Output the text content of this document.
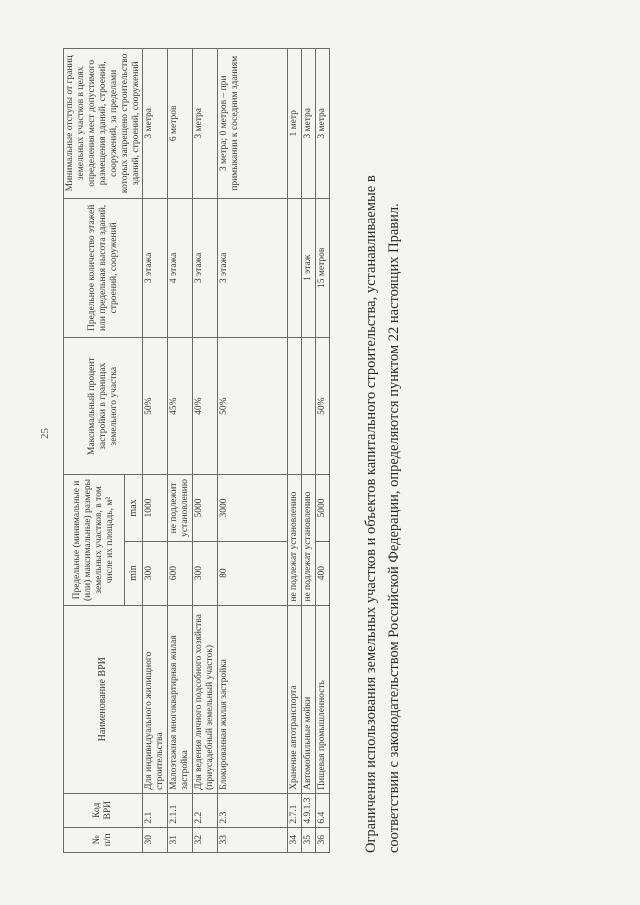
25
№ п/п	Код ВРИ	Наименование ВРИ	Предельные (минимальные и (или) максимальные) размеры земельных участков, в том числе их площадь, м²		Максимальный процент застройки в границах земельного участка	Предельное количество этажей или предельная высота зданий, строений, сооружений	Минимальные отступы от границ земельных участков в целях определения мест допустимого размещения зданий, строений, сооружений, за пределами которых запрещено строительство зданий, строений, сооружений
			min	max			
30	2.1	Для индивидуального жилищного строительства	300	1000	50%	3 этажа	3 метра
31	2.1.1	Малоэтажная многоквартирная жилая застройка	600	не подлежит установлению	45%	4 этажа	6 метров
32	2.2	Для ведения личного подсобного хозяйства (приусадебный земельный участок)	300	5000	40%	3 этажа	3 метра
33	2.3	Блокированная жилая застройка	80	3000	50%	3 этажа	3 метра; 0 метров – при примыкании к соседним зданиям
34	2.7.1	Хранение автотранспорта	не подлежат установлению				1 метр
35	4.9.1.3	Автомобильные мойки	не подлежат установлению			1 этаж	3 метра
36	6.4	Пищевая промышленность	400	5000	50%	15 метров	3 метра
Ограничения использования земельных участков и объектов капитального строительства, устанавливаемые в соответствии с законодательством Российской Федерации, определяются пунктом 22 настоящих Правил.
